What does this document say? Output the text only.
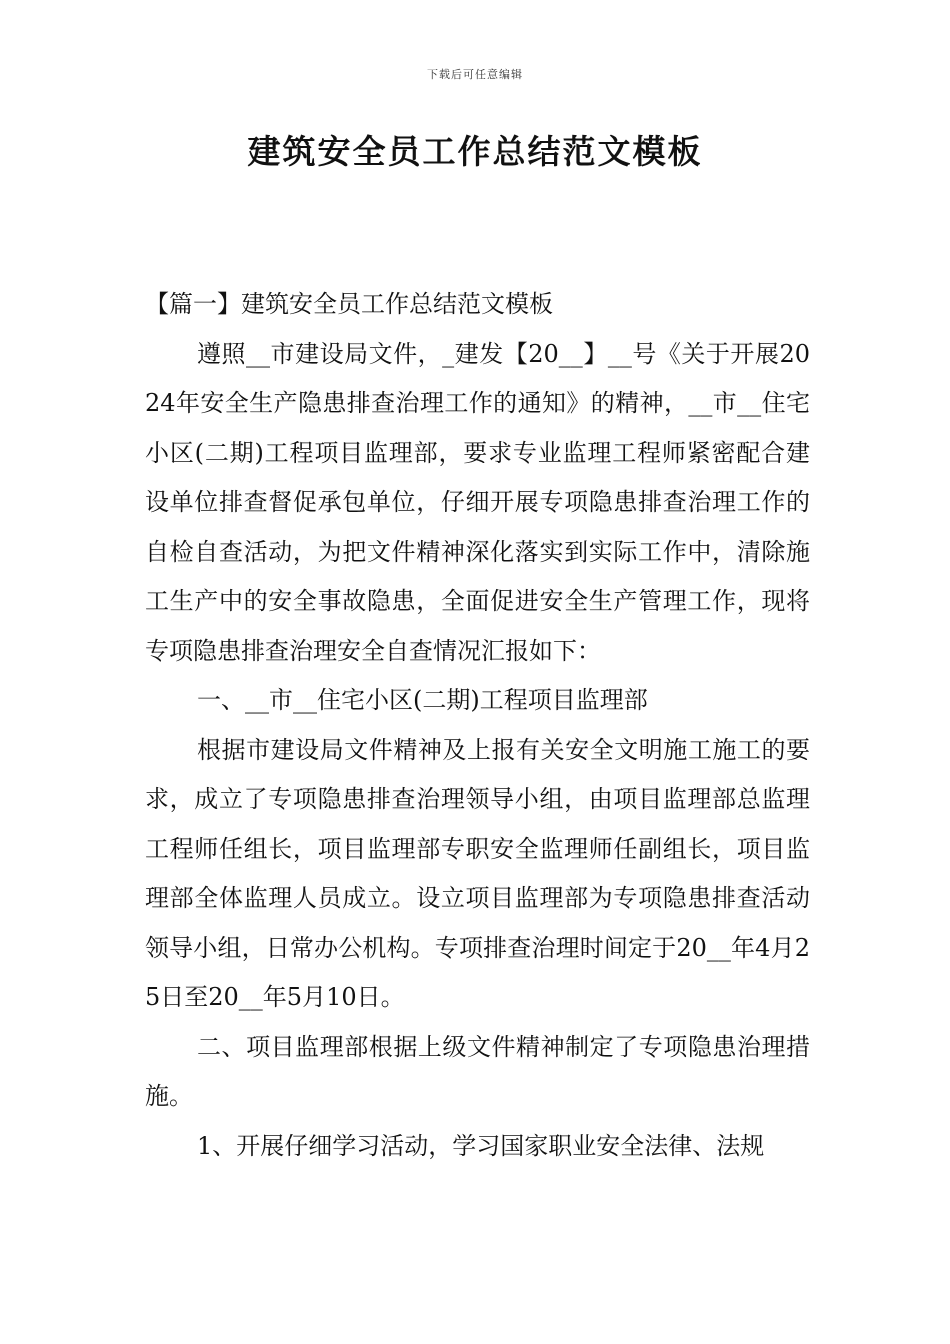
下载后可任意编辑
建筑安全员工作总结范文模板

【篇一】建筑安全员工作总结范文模板

遵照__市建设局文件，_建发【20__】__号《关于开展2024年安全生产隐患排查治理工作的通知》的精神，__市__住宅小区(二期)工程项目监理部，要求专业监理工程师紧密配合建设单位排查督促承包单位，仔细开展专项隐患排查治理工作的自检自查活动，为把文件精神深化落实到实际工作中，清除施工生产中的安全事故隐患，全面促进安全生产管理工作，现将专项隐患排查治理安全自查情况汇报如下：

一、__市__住宅小区(二期)工程项目监理部

根据市建设局文件精神及上报有关安全文明施工施工的要求，成立了专项隐患排查治理领导小组，由项目监理部总监理工程师任组长，项目监理部专职安全监理师任副组长，项目监理部全体监理人员成立。设立项目监理部为专项隐患排查活动领导小组，日常办公机构。专项排查治理时间定于20__年4月25日至20__年5月10日。

二、项目监理部根据上级文件精神制定了专项隐患治理措施。

1、开展仔细学习活动，学习国家职业安全法律、法规
